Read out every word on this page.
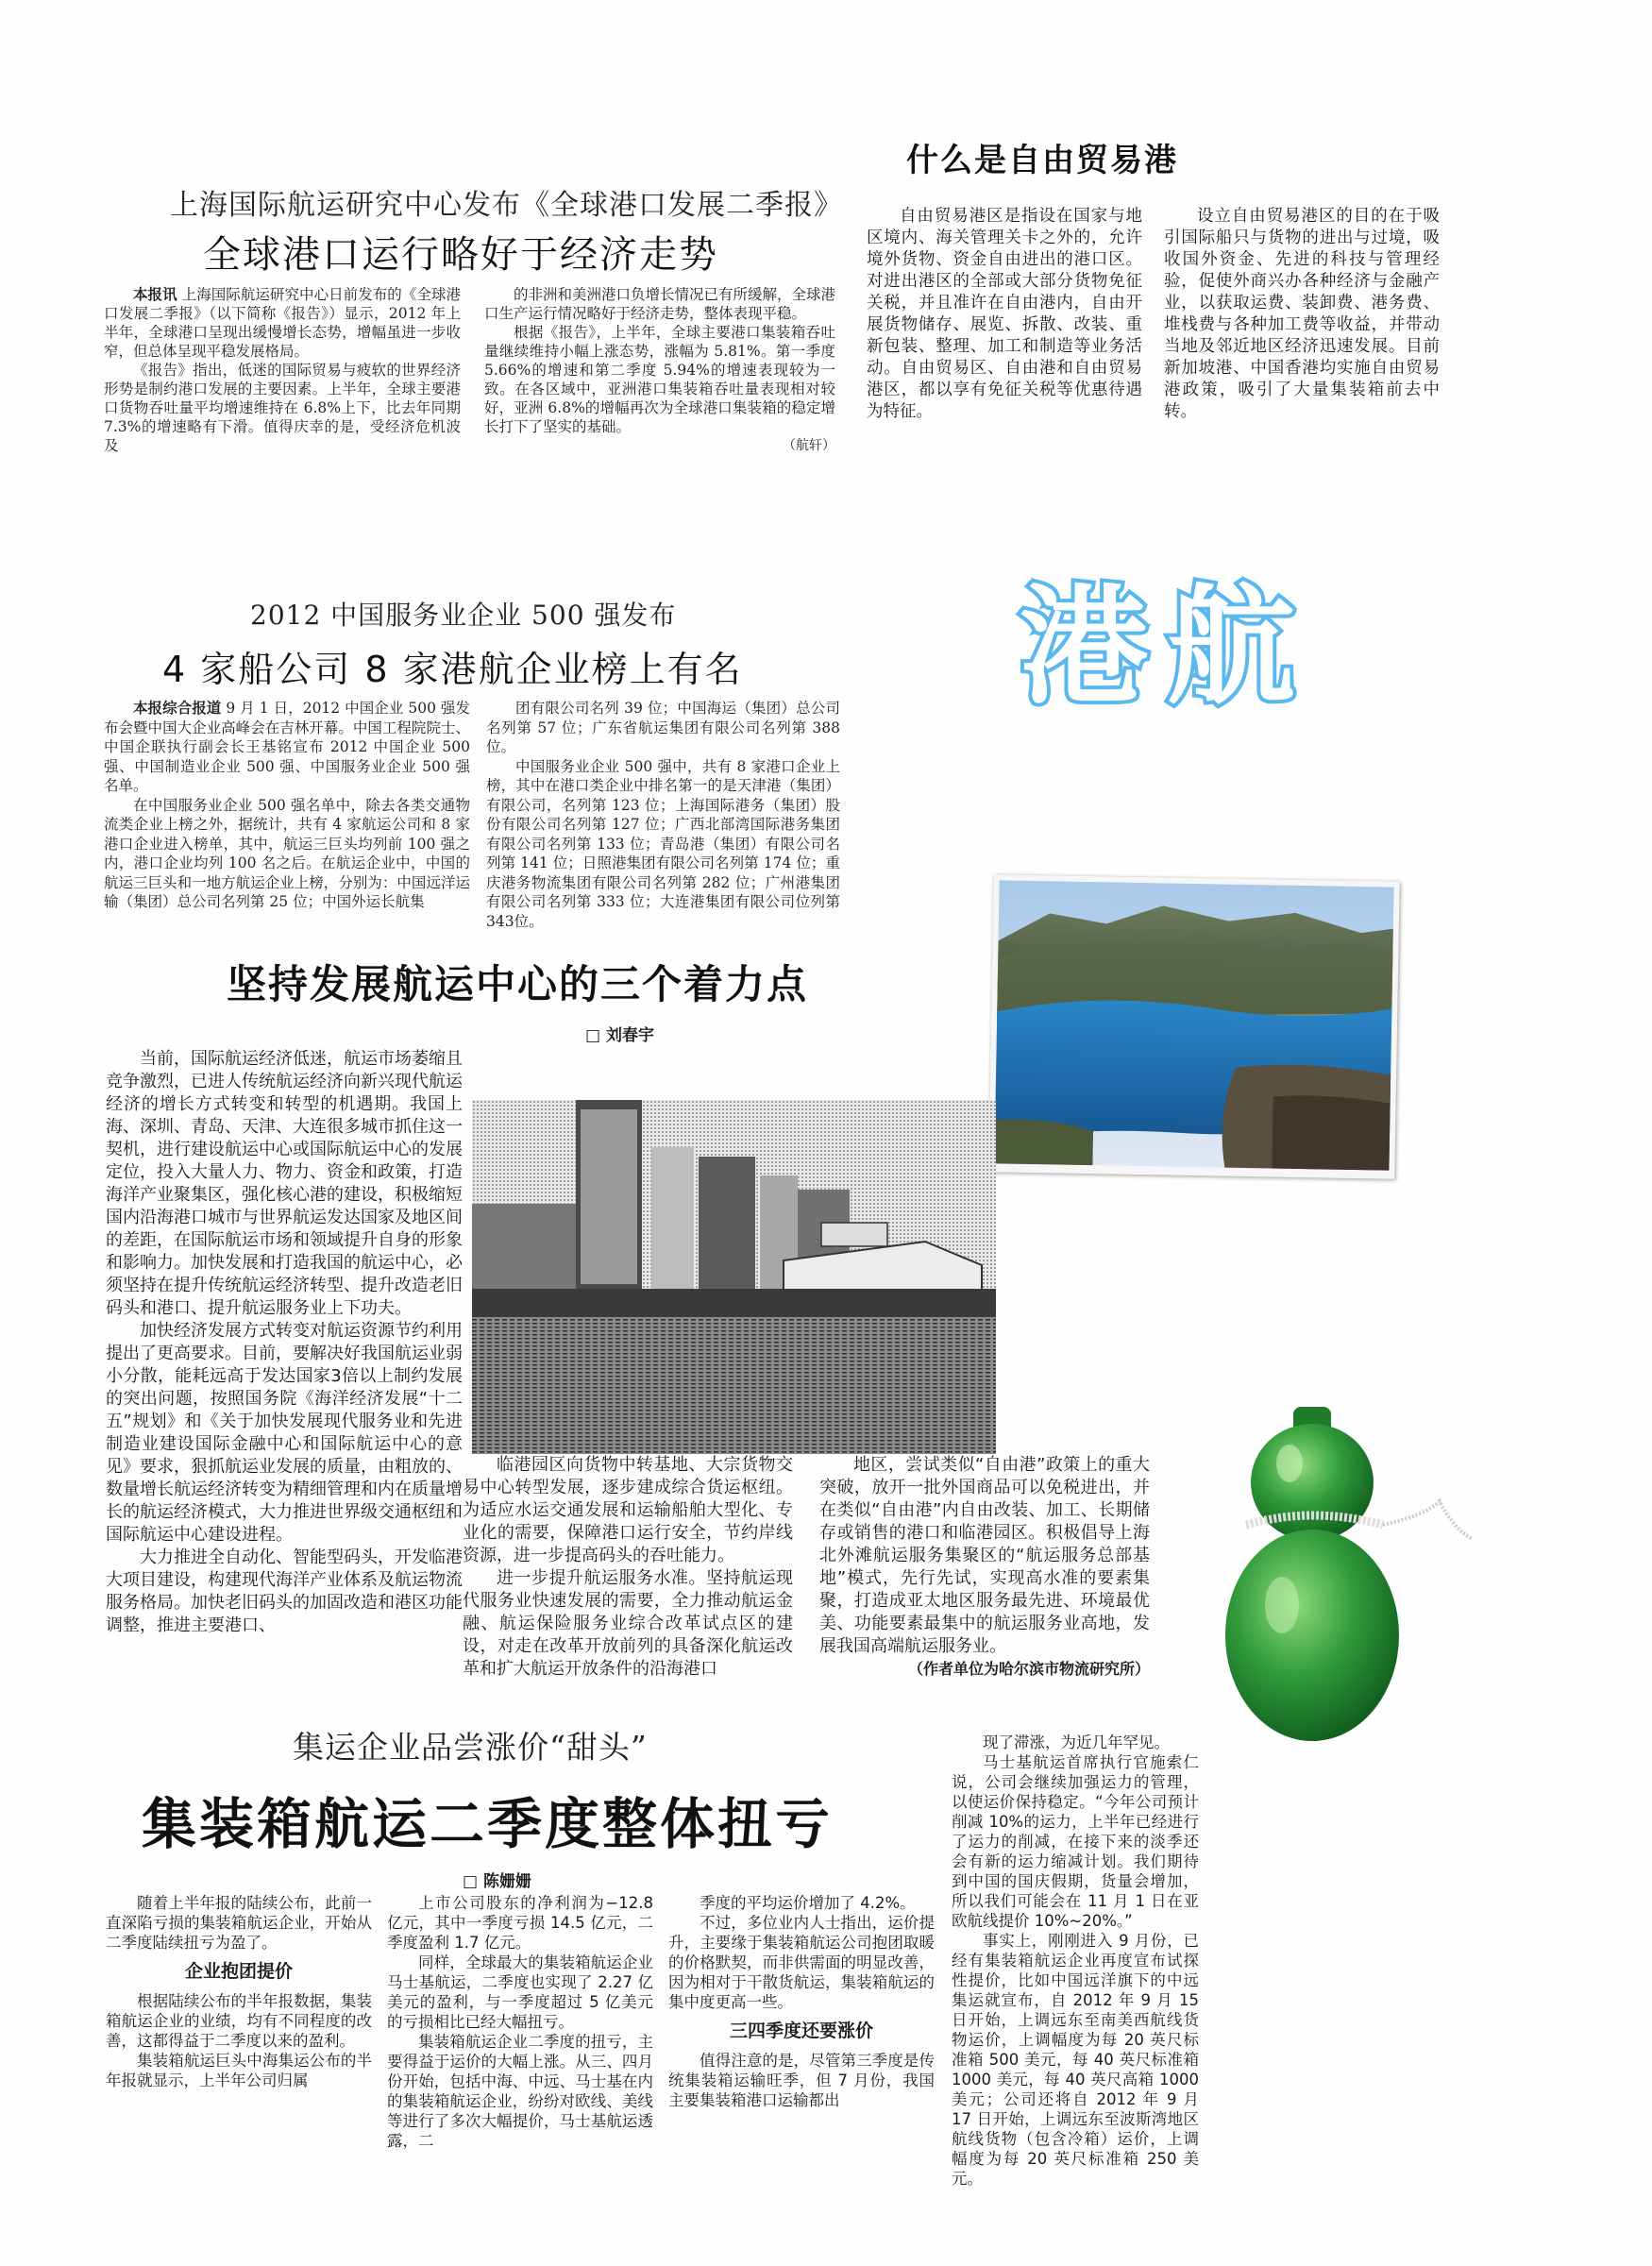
上海国际航运研究中心发布《全球港口发展二季报》
全球港口运行略好于经济走势

本报讯 上海国际航运研究中心日前发布的《全球港口发展二季报》（以下简称《报告》）显示，2012 年上半年，全球港口呈现出缓慢增长态势，增幅虽进一步收窄，但总体呈现平稳发展格局。

《报告》指出，低迷的国际贸易与疲软的世界经济形势是制约港口发展的主要因素。上半年，全球主要港口货物吞吐量平均增速维持在 6.8%上下，比去年同期 7.3%的增速略有下滑。值得庆幸的是，受经济危机波及

的非洲和美洲港口负增长情况已有所缓解，全球港口生产运行情况略好于经济走势，整体表现平稳。

根据《报告》，上半年，全球主要港口集装箱吞吐量继续维持小幅上涨态势，涨幅为 5.81%。第一季度 5.66%的增速和第二季度 5.94%的增速表现较为一致。在各区域中，亚洲港口集装箱吞吐量表现相对较好，亚洲 6.8%的增幅再次为全球港口集装箱的稳定增长打下了坚实的基础。

（航轩）
什么是自由贸易港

自由贸易港区是指设在国家与地区境内、海关管理关卡之外的，允许境外货物、资金自由进出的港口区。对进出港区的全部或大部分货物免征关税，并且准许在自由港内，自由开展货物储存、展览、拆散、改装、重新包装、整理、加工和制造等业务活动。自由贸易区、自由港和自由贸易港区，都以享有免征关税等优惠待遇为特征。

设立自由贸易港区的目的在于吸引国际船只与货物的进出与过境，吸收国外资金、先进的科技与管理经验，促使外商兴办各种经济与金融产业，以获取运费、装卸费、港务费、堆栈费与各种加工费等收益，并带动当地及邻近地区经济迅速发展。目前新加坡港、中国香港均实施自由贸易港政策，吸引了大量集装箱前去中转。

港航
2012 中国服务业企业 500 强发布
4 家船公司 8 家港航企业榜上有名

本报综合报道 9 月 1 日，2012 中国企业 500 强发布会暨中国大企业高峰会在吉林开幕。中国工程院院士、中国企联执行副会长王基铭宣布 2012 中国企业 500 强、中国制造业企业 500 强、中国服务业企业 500 强名单。

在中国服务业企业 500 强名单中，除去各类交通物流类企业上榜之外，据统计，共有 4 家航运公司和 8 家港口企业进入榜单，其中，航运三巨头均列前 100 强之内，港口企业均列 100 名之后。在航运企业中，中国的航运三巨头和一地方航运企业上榜，分别为：中国远洋运输（集团）总公司名列第 25 位；中国外运长航集

团有限公司名列 39 位；中国海运（集团）总公司名列第 57 位；广东省航运集团有限公司名列第 388 位。

中国服务业企业 500 强中，共有 8 家港口企业上榜，其中在港口类企业中排名第一的是天津港（集团）有限公司，名列第 123 位；上海国际港务（集团）股份有限公司名列第 127 位；广西北部湾国际港务集团有限公司名列第 133 位；青岛港（集团）有限公司名列第 141 位；日照港集团有限公司名列第 174 位；重庆港务物流集团有限公司名列第 282 位；广州港集团有限公司名列第 333 位；大连港集团有限公司位列第 343位。

坚持发展航运中心的三个着力点
□ 刘春宇

当前，国际航运经济低迷，航运市场萎缩且竞争激烈，已进人传统航运经济向新兴现代航运经济的增长方式转变和转型的机遇期。我国上海、深圳、青岛、天津、大连很多城市抓住这一契机，进行建设航运中心或国际航运中心的发展定位，投入大量人力、物力、资金和政策，打造海洋产业聚集区，强化核心港的建设，积极缩短国内沿海港口城市与世界航运发达国家及地区间的差距，在国际航运市场和领域提升自身的形象和影响力。加快发展和打造我国的航运中心，必须坚持在提升传统航运经济转型、提升改造老旧码头和港口、提升航运服务业上下功夫。

加快经济发展方式转变对航运资源节约利用提出了更高要求。目前，要解决好我国航运业弱小分散，能耗远高于发达国家3倍以上制约发展的突出问题，按照国务院《海洋经济发展“十二五”规划》和《关于加快发展现代服务业和先进制造业建设国际金融中心和国际航运中心的意见》要求，狠抓航运业发展的质量，由粗放的、数量增长航运经济转变为精细管理和内在质量增长的航运经济模式，大力推进世界级交通枢纽和国际航运中心建设进程。

大力推进全自动化、智能型码头，开发临港大项目建设，构建现代海洋产业体系及航运物流服务格局。加快老旧码头的加固改造和港区功能调整，推进主要港口、

临港园区向货物中转基地、大宗货物交易中心转型发展，逐步建成综合货运枢纽。为适应水运交通发展和运输船舶大型化、专业化的需要，保障港口运行安全，节约岸线资源，进一步提高码头的吞吐能力。

进一步提升航运服务水准。坚持航运现代服务业快速发展的需要，全力推动航运金融、航运保险服务业综合改革试点区的建设，对走在改革开放前列的具备深化航运改革和扩大航运开放条件的沿海港口

地区，尝试类似“自由港”政策上的重大突破，放开一批外国商品可以免税进出，并在类似“自由港”内自由改装、加工、长期储存或销售的港口和临港园区。积极倡导上海北外滩航运服务集聚区的“航运服务总部基地”模式，先行先试，实现高水准的要素集聚，打造成亚太地区服务最先进、环境最优美、功能要素最集中的航运服务业高地，发展我国高端航运服务业。

（作者单位为哈尔滨市物流研究所）
集运企业品尝涨价“甜头”
集装箱航运二季度整体扭亏
□ 陈姗姗

随着上半年报的陆续公布，此前一直深陷亏损的集装箱航运企业，开始从二季度陆续扭亏为盈了。

企业抱团提价

根据陆续公布的半年报数据，集装箱航运企业的业绩，均有不同程度的改善，这都得益于二季度以来的盈利。

集装箱航运巨头中海集运公布的半年报就显示，上半年公司归属

上市公司股东的净利润为−12.8 亿元，其中一季度亏损 14.5 亿元，二季度盈利 1.7 亿元。

同样，全球最大的集装箱航运企业马士基航运，二季度也实现了 2.27 亿美元的盈利，与一季度超过 5 亿美元的亏损相比已经大幅扭亏。

集装箱航运企业二季度的扭亏，主要得益于运价的大幅上涨。从三、四月份开始，包括中海、中远、马士基在内的集装箱航运企业，纷纷对欧线、美线等进行了多次大幅提价，马士基航运透露，二

季度的平均运价增加了 4.2%。

不过，多位业内人士指出，运价提升，主要缘于集装箱航运公司抱团取暖的价格默契，而非供需面的明显改善，因为相对于干散货航运，集装箱航运的集中度更高一些。

三四季度还要涨价

值得注意的是，尽管第三季度是传统集装箱运输旺季，但 7 月份，我国主要集装箱港口运输都出

现了滞涨，为近几年罕见。

马士基航运首席执行官施索仁说，公司会继续加强运力的管理，以使运价保持稳定。“今年公司预计削减 10%的运力，上半年已经进行了运力的削减，在接下来的淡季还会有新的运力缩减计划。我们期待到中国的国庆假期，货量会增加，所以我们可能会在 11 月 1 日在亚欧航线提价 10%~20%。”

事实上，刚刚进入 9 月份，已经有集装箱航运企业再度宣布试探性提价，比如中国远洋旗下的中远集运就宣布，自 2012 年 9 月 15 日开始，上调远东至南美西航线货物运价，上调幅度为每 20 英尺标准箱 500 美元，每 40 英尺标准箱 1000 美元，每 40 英尺高箱 1000 美元；公司还将自 2012 年 9 月 17 日开始，上调远东至波斯湾地区航线货物（包含冷箱）运价，上调幅度为每 20 英尺标准箱 250 美元。
